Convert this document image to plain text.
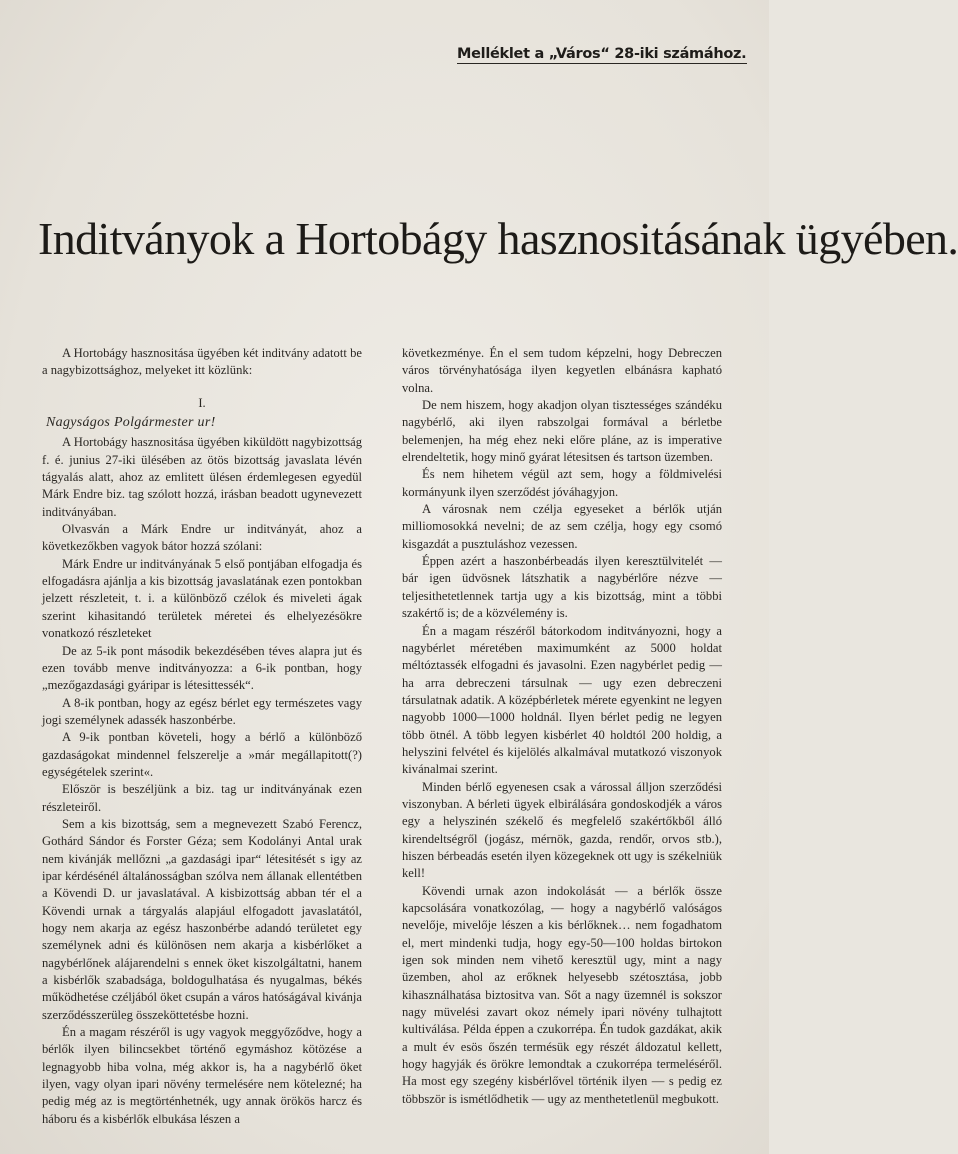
Melléklet a „Város“ 28-iki számához.
Inditványok a Hortobágy hasznositásának ügyében.

A Hortobágy hasznositása ügyében két inditvány adatott be a nagybizottsághoz, melyeket itt közlünk:

I.

Nagyságos Polgármester ur!

A Hortobágy hasznositása ügyében kiküldött nagybizottság f. é. junius 27-iki ülésében az ötös bizottság javaslata lévén tágyalás alatt, ahoz az emlitett ülésen érdemlegesen egyedül Márk Endre biz. tag szólott hozzá, irásban beadott ugynevezett inditványában.

Olvasván a Márk Endre ur inditványát, ahoz a következőkben vagyok bátor hozzá szólani:

Márk Endre ur inditványának 5 első pontjában elfogadja és elfogadásra ajánlja a kis bizottság javaslatának ezen pontokban jelzett részleteit, t. i. a különböző czélok és miveleti ágak szerint kihasitandó területek méretei és elhelyezésökre vonatkozó részleteket

De az 5-ik pont második bekezdésében téves alapra jut és ezen tovább menve inditványozza: a 6-ik pontban, hogy „mezőgazdasági gyáripar is létesittessék“.

A 8-ik pontban, hogy az egész bérlet egy természetes vagy jogi személynek adassék haszonbérbe.

A 9-ik pontban követeli, hogy a bérlő a különböző gazdaságokat mindennel felszerelje a »már megállapitott(?) egységételek szerint«.

Először is beszéljünk a biz. tag ur inditványának ezen részleteiről.

Sem a kis bizottság, sem a megnevezett Szabó Ferencz, Gothárd Sándor és Forster Géza; sem Kodolányi Antal urak nem kivánják mellőzni „a gazdasági ipar“ létesitését s igy az ipar kérdésénél általánosságban szólva nem állanak ellentétben a Kövendi D. ur javaslatával. A kisbizottság abban tér el a Kövendi urnak a tárgyalás alapjául elfogadott javaslatától, hogy nem akarja az egész haszonbérbe adandó területet egy személynek adni és különösen nem akarja a kisbérlőket a nagybérlőnek alájarendelni s ennek öket kiszolgáltatni, hanem a kisbérlők szabadsága, boldogulhatása és nyugalmas, békés működhetése czéljából öket csupán a város hatóságával kivánja szerződésszerüleg összeköttetésbe hozni.

Én a magam részéről is ugy vagyok meggyőződve, hogy a bérlők ilyen bilincsekbet történő egymáshoz kötözése a legnagyobb hiba volna, még akkor is, ha a nagybérlő öket ilyen, vagy olyan ipari növény termelésére nem kötelezné; ha pedig még az is megtörténhetnék, ugy annak örökös harcz és háboru és a kisbérlők elbukása lészen a

következménye. Én el sem tudom képzelni, hogy Debreczen város törvényhatósága ilyen kegyetlen elbánásra kapható volna.

De nem hiszem, hogy akadjon olyan tisztességes szándéku nagybérlő, aki ilyen rabszolgai formával a bérletbe belemenjen, ha még ehez neki előre pláne, az is imperative elrendeltetik, hogy minő gyárat létesitsen és tartson üzemben.

És nem hihetem végül azt sem, hogy a földmivelési kormányunk ilyen szerződést jóváhagyjon.

A városnak nem czélja egyeseket a bérlők utján milliomosokká nevelni; de az sem czélja, hogy egy csomó kisgazdát a pusztuláshoz vezessen.

Éppen azért a haszonbérbeadás ilyen keresztülvitelét — bár igen üdvösnek látszhatik a nagybérlőre nézve — teljesithetetlennek tartja ugy a kis bizottság, mint a többi szakértő is; de a közvélemény is.

Én a magam részéről bátorkodom inditványozni, hogy a nagybérlet méretében maximumként az 5000 holdat méltóztassék elfogadni és javasolni. Ezen nagybérlet pedig — ha arra debreczeni társulnak — ugy ezen debreczeni társulatnak adatik. A középbérletek mérete egyenkint ne legyen nagyobb 1000—1000 holdnál. Ilyen bérlet pedig ne legyen több ötnél. A több legyen kisbérlet 40 holdtól 200 holdig, a helyszini felvétel és kijelölés alkalmával mutatkozó viszonyok kivánalmai szerint.

Minden bérlő egyenesen csak a várossal álljon szerződési viszonyban. A bérleti ügyek elbirálására gondoskodjék a város egy a helyszinén székelő és megfelelő szakértőkből álló kirendeltségről (jogász, mérnök, gazda, rendőr, orvos stb.), hiszen bérbeadás esetén ilyen közegeknek ott ugy is székelniük kell!

Kövendi urnak azon indokolását — a bérlők össze kapcsolására vonatkozólag, — hogy a nagybérlő valóságos nevelője, mivelője lészen a kis bérlőknek… nem fogadhatom el, mert mindenki tudja, hogy egy-50—100 holdas birtokon igen sok minden nem vihető keresztül ugy, mint a nagy üzemben, ahol az erőknek helyesebb szétosztása, jobb kihasználhatása biztositva van. Sőt a nagy üzemnél is sokszor nagy müvelési zavart okoz némely ipari növény tulhajtott kultiválása. Példa éppen a czukorrépa. Én tudok gazdákat, akik a mult év esös őszén termésük egy részét áldozatul kellett, hogy hagyják és örökre lemondtak a czukorrépa termeléséről. Ha most egy szegény kisbérlővel történik ilyen — s pedig ez többször is ismétlődhetik — ugy az menthetetlenül megbukott.
